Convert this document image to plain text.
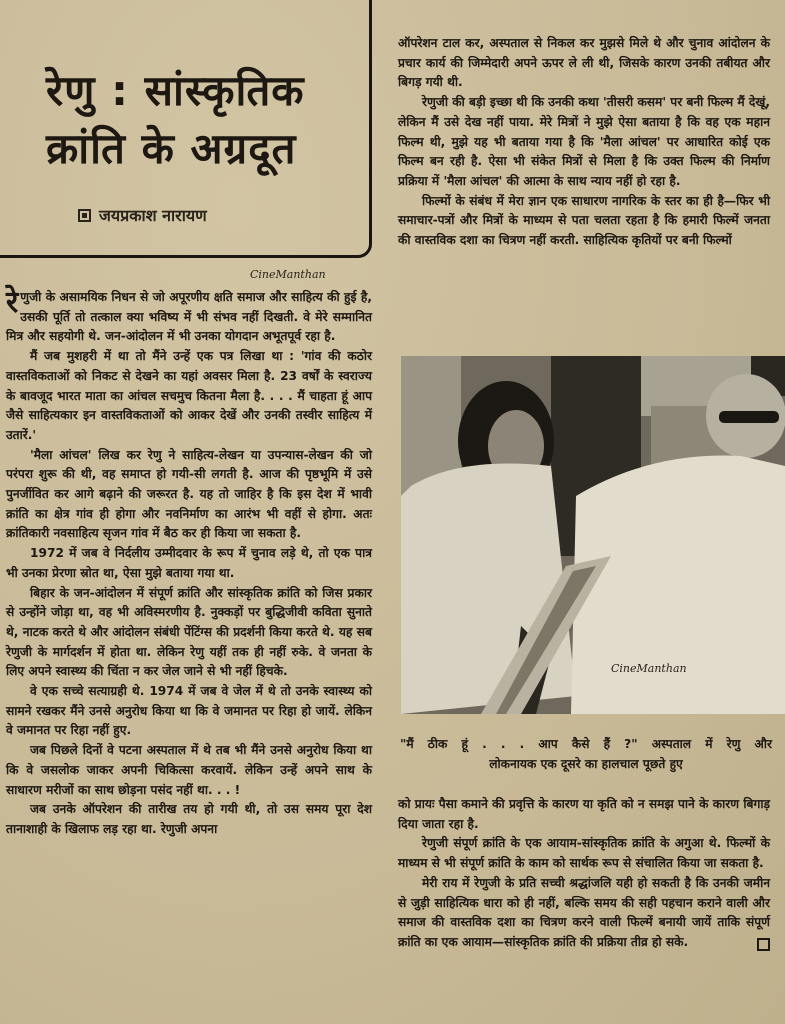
रेणु : सांस्कृतिक
क्रांति के अग्रदूत
जयप्रकाश नारायण
CineManthan

रेणुजी के असामयिक निधन से जो अपूरणीय क्षति समाज और साहित्य की हुई है, उसकी पूर्ति तो तत्काल क्या भविष्य में भी संभव नहीं दिखती. वे मेरे सम्मानित मित्र और सहयोगी थे. जन-आंदोलन में भी उनका योगदान अभूतपूर्व रहा है.

मैं जब मुशहरी में था तो मैंने उन्हें एक पत्र लिखा था : 'गांव की कठोर वास्तविकताओं को निकट से देखने का यहां अवसर मिला है. 23 वर्षों के स्वराज्य के बावजूद भारत माता का आंचल सचमुच कितना मैला है. . . . मैं चाहता हूं आप जैसे साहित्यकार इन वास्तविकताओं को आकर देखें और उनकी तस्वीर साहित्य में उतारें.'

'मैला आंचल' लिख कर रेणु ने साहित्य-लेखन या उपन्यास-लेखन की जो परंपरा शुरू की थी, वह समाप्त हो गयी-सी लगती है. आज की पृष्ठभूमि में उसे पुनर्जीवित कर आगे बढ़ाने की जरूरत है. यह तो जाहिर है कि इस देश में भावी क्रांति का क्षेत्र गांव ही होगा और नवनिर्माण का आरंभ भी वहीं से होगा. अतः क्रांतिकारी नवसाहित्य सृजन गांव में बैठ कर ही किया जा सकता है.

1972 में जब वे निर्दलीय उम्मीदवार के रूप में चुनाव लड़े थे, तो एक पात्र भी उनका प्रेरणा स्रोत था, ऐसा मुझे बताया गया था.

बिहार के जन-आंदोलन में संपूर्ण क्रांति और सांस्कृतिक क्रांति को जिस प्रकार से उन्होंने जोड़ा था, वह भी अविस्मरणीय है. नुक्कड़ों पर बुद्धिजीवी कविता सुनाते थे, नाटक करते थे और आंदोलन संबंधी पेंटिंग्स की प्रदर्शनी किया करते थे. यह सब रेणुजी के मार्गदर्शन में होता था. लेकिन रेणु यहीं तक ही नहीं रुके. वे जनता के लिए अपने स्वास्थ्य की चिंता न कर जेल जाने से भी नहीं हिचके.

वे एक सच्चे सत्याग्रही थे. 1974 में जब वे जेल में थे तो उनके स्वास्थ्य को सामने रखकर मैंने उनसे अनुरोध किया था कि वे जमानत पर रिहा हो जायें. लेकिन वे जमानत पर रिहा नहीं हुए.

जब पिछले दिनों वे पटना अस्पताल में थे तब भी मैंने उनसे अनुरोध किया था कि वे जसलोक जाकर अपनी चिकित्सा करवायें. लेकिन उन्हें अपने साथ के साधारण मरीजों का साथ छोड़ना पसंद नहीं था. . . !

जब उनके ऑपरेशन की तारीख तय हो गयी थी, तो उस समय पूरा देश तानाशाही के खिलाफ लड़ रहा था. रेणुजी अपना

ऑपरेशन टाल कर, अस्पताल से निकल कर मुझसे मिले थे और चुनाव आंदोलन के प्रचार कार्य की जिम्मेदारी अपने ऊपर ले ली थी, जिसके कारण उनकी तबीयत और बिगड़ गयी थी.

रेणुजी की बड़ी इच्छा थी कि उनकी कथा 'तीसरी कसम' पर बनी फिल्म मैं देखूं, लेकिन मैं उसे देख नहीं पाया. मेरे मित्रों ने मुझे ऐसा बताया है कि वह एक महान फिल्म थी, मुझे यह भी बताया गया है कि 'मैला आंचल' पर आधारित कोई एक फिल्म बन रही है. ऐसा भी संकेत मित्रों से मिला है कि उक्त फिल्म की निर्माण प्रक्रिया में 'मैला आंचल' की आत्मा के साथ न्याय नहीं हो रहा है.

फिल्मों के संबंध में मेरा ज्ञान एक साधारण नागरिक के स्तर का ही है—फिर भी समाचार-पत्रों और मित्रों के माध्यम से पता चलता रहता है कि हमारी फिल्में जनता की वास्तविक दशा का चित्रण नहीं करती. साहित्यिक कृतियों पर बनी फिल्मों

CineManthan
"मैं ठीक हूं . . . आप कैसे हैं ?" अस्पताल में रेणु और
लोकनायक एक दूसरे का हालचाल पूछते हुए

को प्रायः पैसा कमाने की प्रवृत्ति के कारण या कृति को न समझ पाने के कारण बिगाड़ दिया जाता रहा है.

रेणुजी संपूर्ण क्रांति के एक आयाम-सांस्कृतिक क्रांति के अगुआ थे. फिल्मों के माध्यम से भी संपूर्ण क्रांति के काम को सार्थक रूप से संचालित किया जा सकता है.

मेरी राय में रेणुजी के प्रति सच्ची श्रद्धांजलि यही हो सकती है कि उनकी जमीन से जुड़ी साहित्यिक धारा को ही नहीं, बल्कि समय की सही पहचान कराने वाली और समाज की वास्तविक दशा का चित्रण करने वाली फिल्में बनायी जायें ताकि संपूर्ण क्रांति का एक आयाम—सांस्कृतिक क्रांति की प्रक्रिया तीव्र हो सके.
